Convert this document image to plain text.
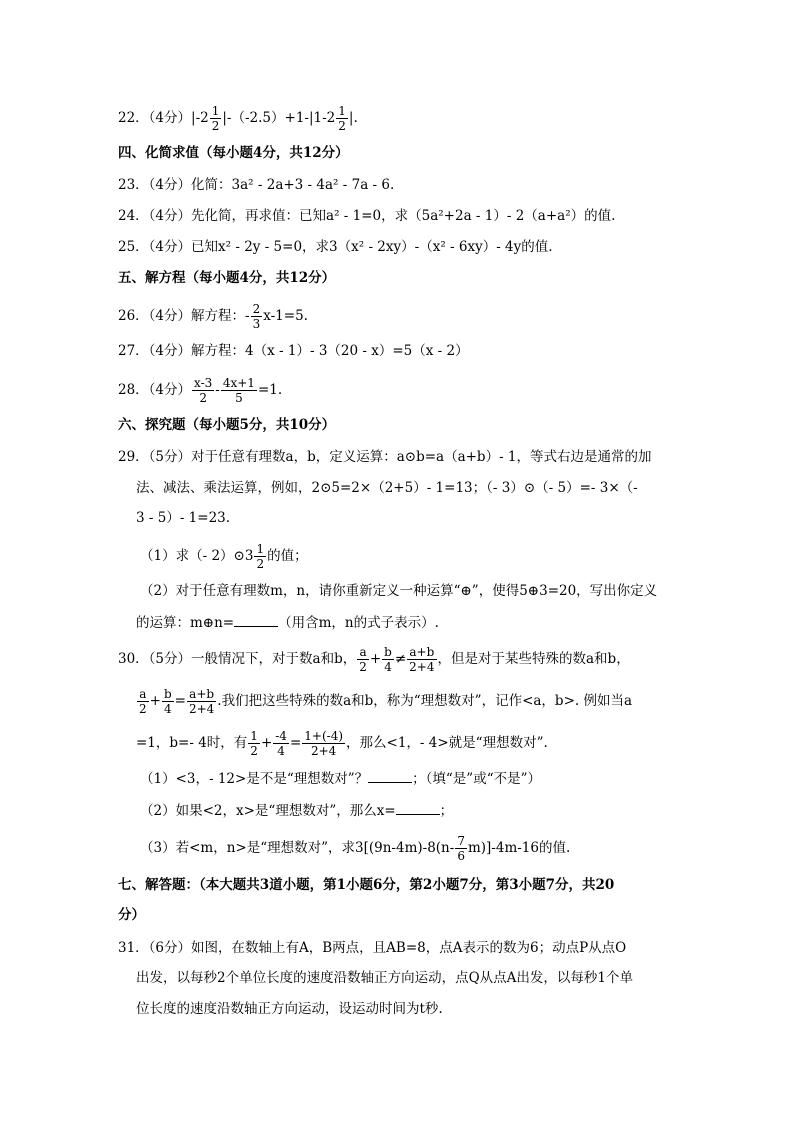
22．（4分）$|-2 \frac{1}{2} |-(-2.5)+1-|1-2 \frac{1}{2}$ |.
四、化简求值（每小题4分，共12分）
23．（4分）化简：3a² - 2a+3 - 4a² - 7a - 6.
24．（4分）先化简，再求值：已知a² - 1=0，求（5a²+2a - 1）- 2（a+a²）的值.
25．（4分）已知x² - 2y - 5=0，求3（x² - 2xy）-（x² - 6xy）- 4y的值.
五、解方程（每小题4分，共12分）
26．（4分）解方程：- $\frac{2}{3} x-1=5$.
27．（4分）解方程：4（x - 1）- 3（20 - x）=5（x - 2）
28．（4分） $\frac{x-3}{2} - \frac{4x+1}{5} =1$.
六、探究题（每小题5分，共10分）
29．（5分）对于任意有理数a，b，定义运算：a⊙b=a（a+b）- 1，等式右边是通常的加
法、减法、乘法运算，例如，2⊙5=2×（2+5）- 1=13；（- 3）⊙（- 5）=- 3×（-
3 - 5）- 1=23.
（1）求（- 2）⊙3 $\frac{1}{2}$ 的值；
（2）对于任意有理数m，n，请你重新定义一种运算“⊕”，使得5⊕3=20，写出你定义
的运算：m⊕n=	（用含m，n的式子表示）.
30．（5分）一般情况下，对于数a和b， $\frac{a}{2} + \frac{b}{4} \ne \frac{a+b}{2+4}$ ，但是对于某些特殊的数a和b，
$\frac{a}{2} + \frac{b}{4} = \frac{a+b}{2+4}$ .我们把这些特殊的数a和b，称为“理想数对”，记作<a，b>. 例如当a
=1，b=- 4时，有 $\frac{1}{2} + \frac{-4}{4} = \frac{1+(-4)}{2+4}$ ，那么<1，- 4>就是“理想数对”.
（1）<3，- 12>是不是“理想数对”？	；（填“是”或“不是”）
（2）如果<2，x>是“理想数对”，那么x=	；
（3）若<m，n>是“理想数对”，求$3[(9n-4m)-8(n- \frac{7}{6} m)]-4m-16$的值.
七、解答题：（本大题共3道小题，第1小题6分，第2小题7分，第3小题7分，共20
分）
31．（6分）如图，在数轴上有A，B两点，且AB=8，点A表示的数为6；动点P从点O
出发，以每秒2个单位长度的速度沿数轴正方向运动，点Q从点A出发，以每秒1个单
位长度的速度沿数轴正方向运动，设运动时间为t秒.
